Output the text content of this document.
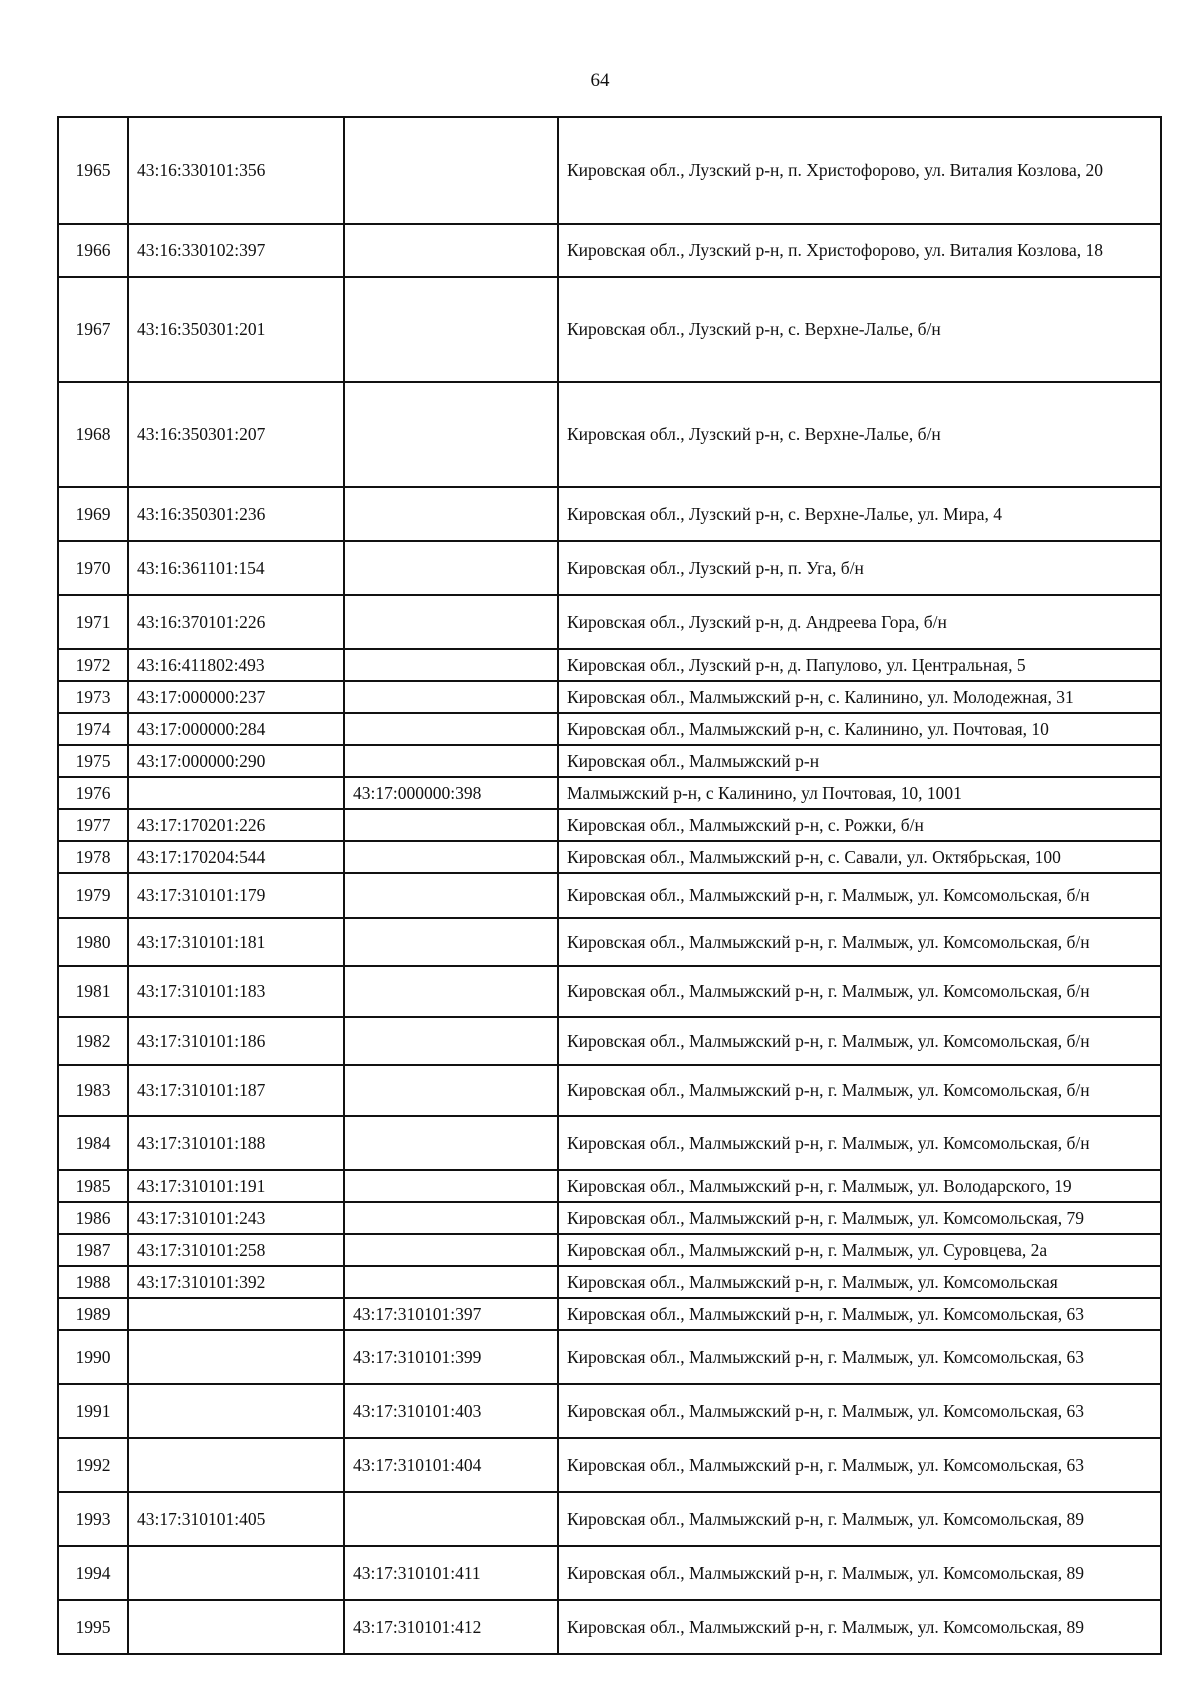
64
1965	43:16:330101:356		Кировская обл., Лузский р-н, п. Христофорово, ул. Виталия Козлова, 20
1966	43:16:330102:397		Кировская обл., Лузский р-н, п. Христофорово, ул. Виталия Козлова, 18
1967	43:16:350301:201		Кировская обл., Лузский р-н, с. Верхне-Лалье, б/н
1968	43:16:350301:207		Кировская обл., Лузский р-н, с. Верхне-Лалье, б/н
1969	43:16:350301:236		Кировская обл., Лузский р-н, с. Верхне-Лалье, ул. Мира, 4
1970	43:16:361101:154		Кировская обл., Лузский р-н, п. Уга, б/н
1971	43:16:370101:226		Кировская обл., Лузский р-н, д. Андреева Гора, б/н
1972	43:16:411802:493		Кировская обл., Лузский р-н, д. Папулово, ул. Центральная, 5
1973	43:17:000000:237		Кировская обл., Малмыжский р-н, с. Калинино, ул. Молодежная, 31
1974	43:17:000000:284		Кировская обл., Малмыжский р-н, с. Калинино, ул. Почтовая, 10
1975	43:17:000000:290		Кировская обл., Малмыжский р-н
1976		43:17:000000:398	Малмыжский р-н, с Калинино, ул Почтовая, 10, 1001
1977	43:17:170201:226		Кировская обл., Малмыжский р-н, с. Рожки, б/н
1978	43:17:170204:544		Кировская обл., Малмыжский р-н, с. Савали, ул. Октябрьская, 100
1979	43:17:310101:179		Кировская обл., Малмыжский р-н, г. Малмыж, ул. Комсомольская, б/н
1980	43:17:310101:181		Кировская обл., Малмыжский р-н, г. Малмыж, ул. Комсомольская, б/н
1981	43:17:310101:183		Кировская обл., Малмыжский р-н, г. Малмыж, ул. Комсомольская, б/н
1982	43:17:310101:186		Кировская обл., Малмыжский р-н, г. Малмыж, ул. Комсомольская, б/н
1983	43:17:310101:187		Кировская обл., Малмыжский р-н, г. Малмыж, ул. Комсомольская, б/н
1984	43:17:310101:188		Кировская обл., Малмыжский р-н, г. Малмыж, ул. Комсомольская, б/н
1985	43:17:310101:191		Кировская обл., Малмыжский р-н, г. Малмыж, ул. Володарского, 19
1986	43:17:310101:243		Кировская обл., Малмыжский р-н, г. Малмыж, ул. Комсомольская, 79
1987	43:17:310101:258		Кировская обл., Малмыжский р-н, г. Малмыж, ул. Суровцева, 2а
1988	43:17:310101:392		Кировская обл., Малмыжский р-н, г. Малмыж, ул. Комсомольская
1989		43:17:310101:397	Кировская обл., Малмыжский р-н, г. Малмыж, ул. Комсомольская, 63
1990		43:17:310101:399	Кировская обл., Малмыжский р-н, г. Малмыж, ул. Комсомольская, 63
1991		43:17:310101:403	Кировская обл., Малмыжский р-н, г. Малмыж, ул. Комсомольская, 63
1992		43:17:310101:404	Кировская обл., Малмыжский р-н, г. Малмыж, ул. Комсомольская, 63
1993	43:17:310101:405		Кировская обл., Малмыжский р-н, г. Малмыж, ул. Комсомольская, 89
1994		43:17:310101:411	Кировская обл., Малмыжский р-н, г. Малмыж, ул. Комсомольская, 89
1995		43:17:310101:412	Кировская обл., Малмыжский р-н, г. Малмыж, ул. Комсомольская, 89
